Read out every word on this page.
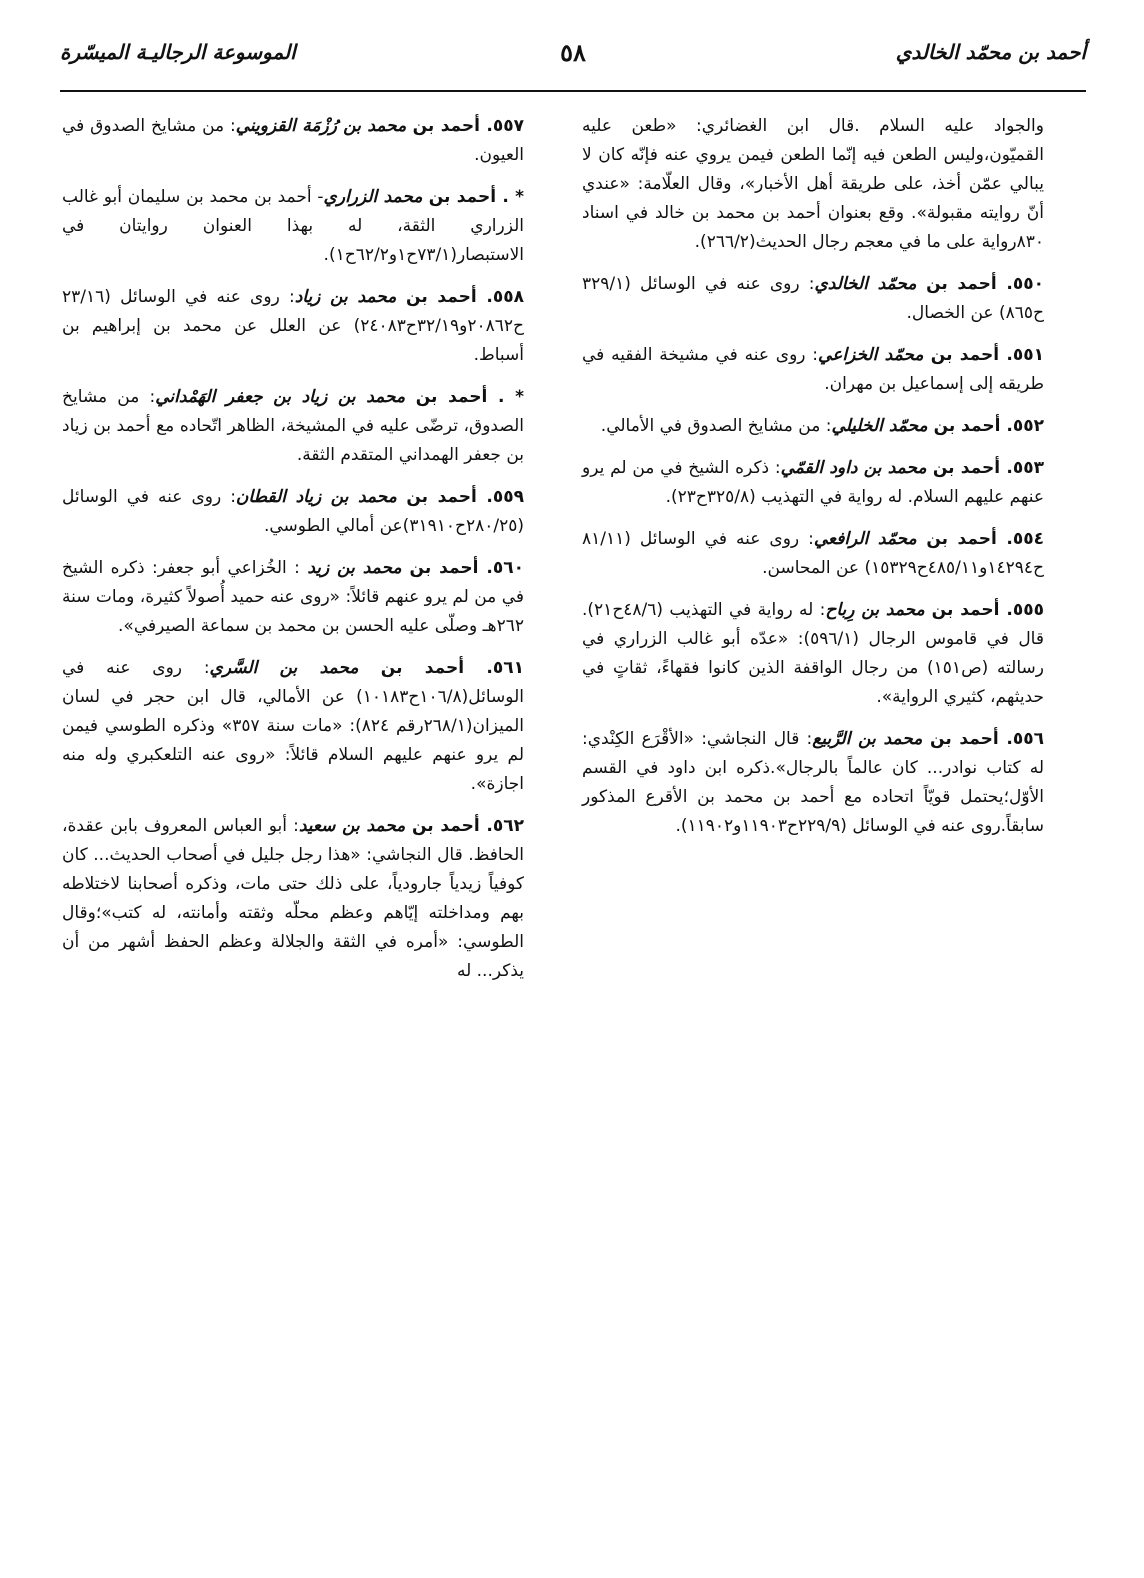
أحمد بن محمّد الخالدي

٥٨

الموسوعة الرجاليـة الميسّرة

والجواد عليه السلام .قال ابن الغضائري: «طعن عليه القميّون،وليس الطعن فيه إنّما الطعن فيمن يروي عنه فإنّه كان لا يبالي عمّن أخذ، على طريقة أهل الأخبار»، وقال العلّامة: «عندي أنّ روايته مقبولة». وقع بعنوان أحمد بن محمد بن خالد في اسناد ٨٣٠رواية على ما في معجم رجال الحديث(٢٦٦/٢).

٥٥٠. أحمد بن محمّد الخالدي: روى عنه في الوسائل (٣٢٩/١ ح٨٦٥) عن الخصال.

٥٥١. أحمد بن محمّد الخزاعي: روى عنه في مشيخة الفقيه في طريقه إلى إسماعيل بن مهران.

٥٥٢. أحمد بن محمّد الخليلي: من مشايخ الصدوق في الأمالي.

٥٥٣. أحمد بن محمد بن داود القمّي: ذكره الشيخ في من لم يرو عنهم عليهم السلام. له رواية في التهذيب (٣٢٥/٨ح٢٣).

٥٥٤. أحمد بن محمّد الرافعي: روى عنه في الوسائل (٨١/١١ ح١٤٢٩٤و٤٨٥/١١ح١٥٣٢٩) عن المحاسن.

٥٥٥. أحمد بن محمد بن رِباح: له رواية في التهذيب (٤٨/٦ح٢١). قال في قاموس الرجال (٥٩٦/١): «عدّه أبو غالب الزراري في رسالته (ص١٥١) من رجال الواقفة الذين كانوا فقهاءً، ثقاتٍ في حديثهم، كثيري الرواية».

٥٥٦. أحمد بن محمد بن الرَّبيع: قال النجاشي: «الأقْرَع الكِنْدي: له كتاب نوادر... كان عالماً بالرجال».ذكره ابن داود في القسم الأوّل؛يحتمل قويّاً اتحاده مع أحمد بن محمد بن الأقرع المذكور سابقاً.روى عنه في الوسائل (٢٢٩/٩ح١١٩٠٣و١١٩٠٢).

٥٥٧. أحمد بن محمد بن رُزْمَة القزويني: من مشايخ الصدوق في العيون.

* . أحمد بن محمد الزراري- أحمد بن محمد بن سليمان أبو غالب الزراري الثقة، له بهذا العنوان روايتان في الاستبصار(٧٣/١ح١و٦٢/٢ح١).

٥٥٨. أحمد بن محمد بن زياد: روى عنه في الوسائل (٢٣/١٦ ح٢٠٨٦٢و٣٢/١٩ح٢٤٠٨٣) عن العلل عن محمد بن إبراهيم بن أسباط.

* . أحمد بن محمد بن زياد بن جعفر الهَمْداني: من مشايخ الصدوق، ترضّى عليه في المشيخة، الظاهر اتّحاده مع أحمد بن زياد بن جعفر الهمداني المتقدم الثقة.

٥٥٩. أحمد بن محمد بن زياد القطان: روى عنه في الوسائل (٢٨٠/٢٥ح٣١٩١٠)عن أمالي الطوسي.

٥٦٠. أحمد بن محمد بن زيد : الخُزاعي أبو جعفر: ذكره الشيخ في من لم يرو عنهم قائلاً: «روى عنه حميد أُصولاً كثيرة، ومات سنة ٢٦٢هـ وصلّى عليه الحسن بن محمد بن سماعة الصيرفي».

٥٦١. أحمد بن محمد بن السَّري: روى عنه في الوسائل(١٠٦/٨ح١٠١٨٣) عن الأمالي، قال ابن حجر في لسان الميزان(٢٦٨/١رقم ٨٢٤): «مات سنة ٣٥٧» وذكره الطوسي فيمن لم يرو عنهم عليهم السلام قائلاً: «روى عنه التلعكبري وله منه اجازة».

٥٦٢. أحمد بن محمد بن سعيد: أبو العباس المعروف بابن عقدة، الحافظ. قال النجاشي: «هذا رجل جليل في أصحاب الحديث... كان كوفياً زيدياً جارودياً، على ذلك حتى مات، وذكره أصحابنا لاختلاطه بهم ومداخلته إيّاهم وعظم محلّه وثقته وأمانته، له كتب»؛وقال الطوسي: «أمره في الثقة والجلالة وعظم الحفظ أشهر من أن يذكر... له
